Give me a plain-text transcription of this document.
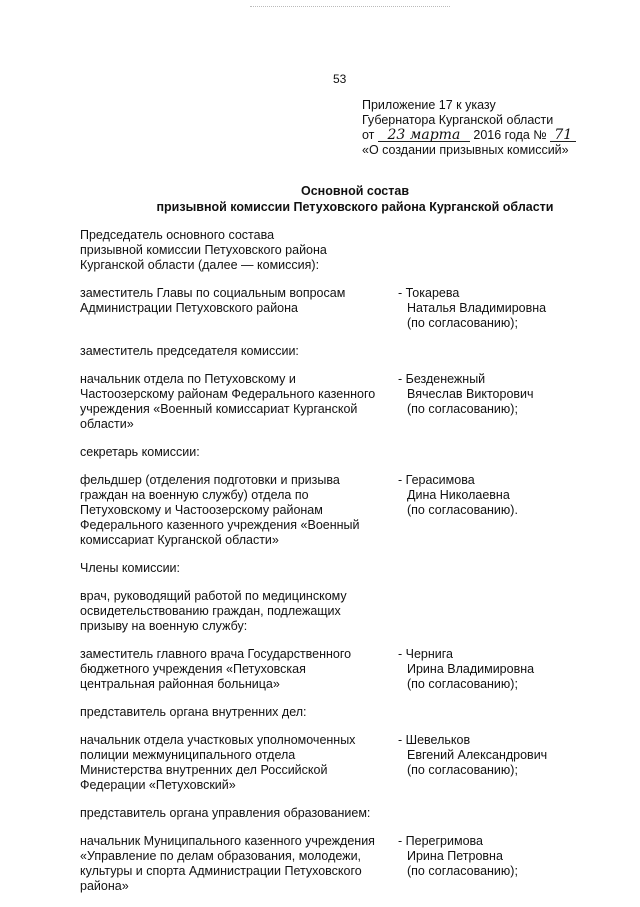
53
Приложение 17 к указу
Губернатора Курганской области
от 23 марта 2016 года № 71
«О создании призывных комиссий»
Основной состав
призывной комиссии Петуховского района Курганской области
Председатель основного состава
призывной комиссии Петуховского района
Курганской области (далее — комиссия):
заместитель Главы по социальным вопросам
Администрации Петуховского района
- Токарева
Наталья Владимировна
(по согласованию);
заместитель председателя комиссии:
начальник отдела по Петуховскому и
Частоозерскому районам Федерального казенного
учреждения «Военный комиссариат Курганской
области»
- Безденежный
Вячеслав Викторович
(по согласованию);
секретарь комиссии:
фельдшер (отделения подготовки и призыва
граждан на военную службу) отдела по
Петуховскому и Частоозерскому районам
Федерального казенного учреждения «Военный
комиссариат Курганской области»
- Герасимова
Дина Николаевна
(по согласованию).
Члены комиссии:
врач, руководящий работой по медицинскому
освидетельствованию граждан, подлежащих
призыву на военную службу:
заместитель главного врача Государственного
бюджетного учреждения «Петуховская
центральная районная больница»
- Чернига
Ирина Владимировна
(по согласованию);
представитель органа внутренних дел:
начальник отдела участковых уполномоченных
полиции межмуниципального отдела
Министерства внутренних дел Российской
Федерации «Петуховский»
- Шевельков
Евгений Александрович
(по согласованию);
представитель органа управления образованием:
начальник Муниципального казенного учреждения
«Управление по делам образования, молодежи,
культуры и спорта Администрации Петуховского
района»
- Перегримова
Ирина Петровна
(по согласованию);
